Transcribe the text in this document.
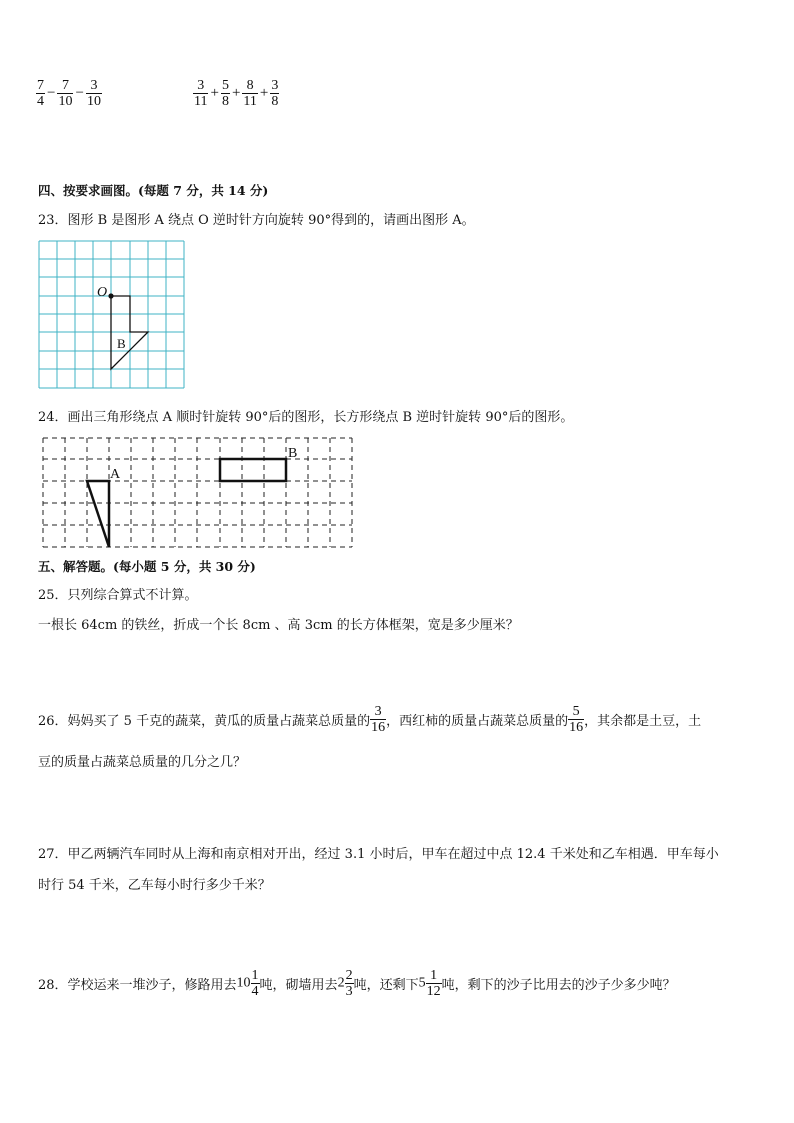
$\frac{7}{4} - \frac{7}{10} - \frac{3}{10}$	$\frac{3}{11} + \frac{5}{8} + \frac{8}{11} + \frac{3}{8}$
四、按要求画图。(每题 7 分，共 14 分)
23．图形 B 是图形 A 绕点 O 逆时针方向旋转 90°得到的，请画出图形 A。
O
B
24．画出三角形绕点 A 顺时针旋转 90°后的图形，长方形绕点 B 逆时针旋转 90°后的图形。
A
B
五、解答题。(每小题 5 分，共 30 分)
25．只列综合算式不计算。
一根长 64cm 的铁丝，折成一个长 8cm 、高 3cm 的长方体框架，宽是多少厘米？
26．妈妈买了 5 千克的蔬菜，黄瓜的质量占蔬菜总质量的 $\frac{3}{16}$ ，西红柿的质量占蔬菜总质量的 $\frac{5}{16}$ ，其余都是土豆，土
豆的质量占蔬菜总质量的几分之几？
27．甲乙两辆汽车同时从上海和南京相对开出，经过 3.1 小时后，甲车在超过中点 12.4 千米处和乙车相遇．甲车每小
时行 54 千米，乙车每小时行多少千米？
28．学校运来一堆沙子，修路用去$10 \frac{1}{4}$ 吨，砌墙用去$2 \frac{2}{3}$ 吨，还剩下$5 \frac{1}{12}$ 吨，剩下的沙子比用去的沙子少多少吨？
